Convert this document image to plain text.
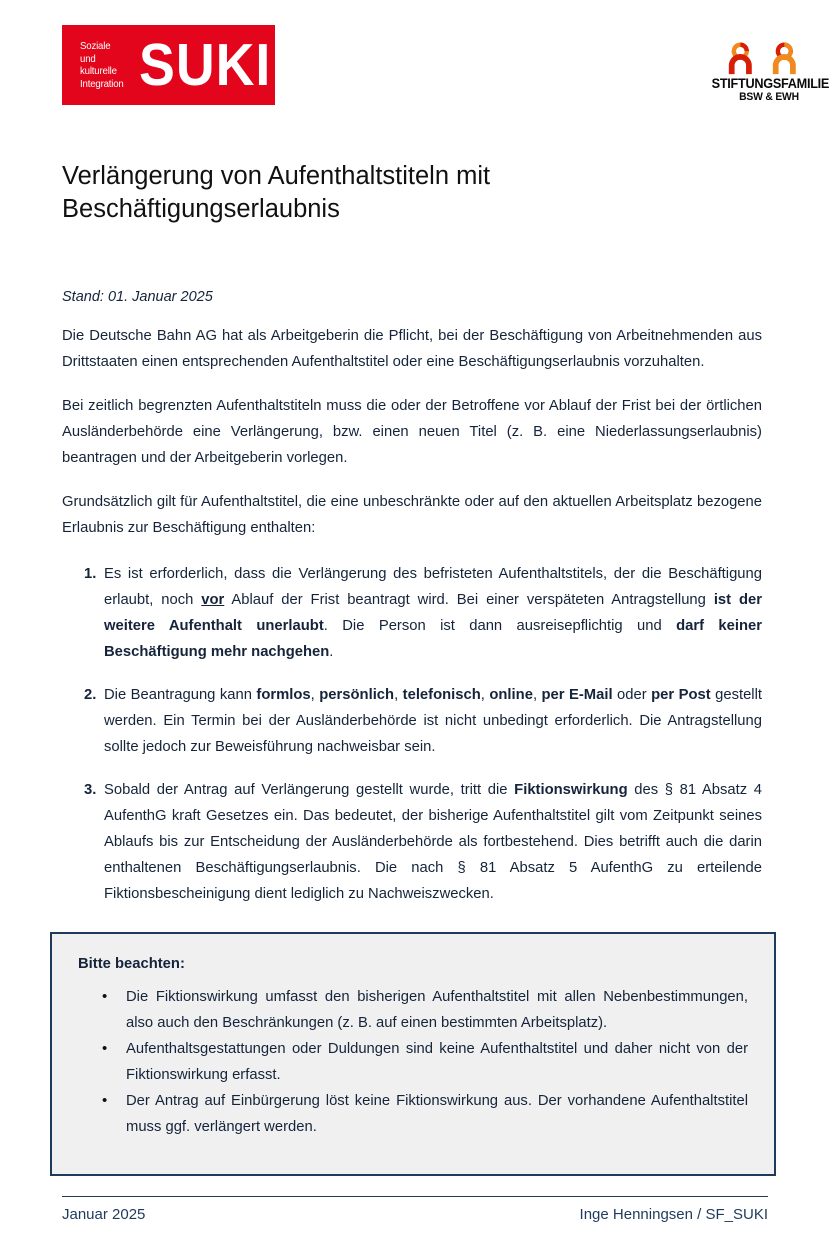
Soziale und
kulturelle
Integration SUKI	STIFTUNGSFAMILIE
BSW & EWH
Verlängerung von Aufenthaltstiteln mit Beschäftigungserlaubnis
Stand: 01. Januar 2025

Die Deutsche Bahn AG hat als Arbeitgeberin die Pflicht, bei der Beschäftigung von Arbeitnehmenden aus Drittstaaten einen entsprechenden Aufenthaltstitel oder eine Beschäftigungserlaubnis vorzuhalten.

Bei zeitlich begrenzten Aufenthaltstiteln muss die oder der Betroffene vor Ablauf der Frist bei der örtlichen Ausländerbehörde eine Verlängerung, bzw. einen neuen Titel (z. B. eine Niederlassungserlaubnis) beantragen und der Arbeitgeberin vorlegen.

Grundsätzlich gilt für Aufenthaltstitel, die eine unbeschränkte oder auf den aktuellen Arbeitsplatz bezogene Erlaubnis zur Beschäftigung enthalten:

Es ist erforderlich, dass die Verlängerung des befristeten Aufenthaltstitels, der die Beschäftigung erlaubt, noch vor Ablauf der Frist beantragt wird. Bei einer verspäteten Antragstellung ist der weitere Aufenthalt unerlaubt. Die Person ist dann ausreisepflichtig und darf keiner Beschäftigung mehr nachgehen.
Die Beantragung kann formlos, persönlich, telefonisch, online, per E-Mail oder per Post gestellt werden. Ein Termin bei der Ausländerbehörde ist nicht unbedingt erforderlich. Die Antragstellung sollte jedoch zur Beweisführung nachweisbar sein.
Sobald der Antrag auf Verlängerung gestellt wurde, tritt die Fiktionswirkung des § 81 Absatz 4 AufenthG kraft Gesetzes ein. Das bedeutet, der bisherige Aufenthaltstitel gilt vom Zeitpunkt seines Ablaufs bis zur Entscheidung der Ausländerbehörde als fortbestehend. Dies betrifft auch die darin enthaltenen Beschäftigungserlaubnis. Die nach § 81 Absatz 5 AufenthG zu erteilende Fiktionsbescheinigung dient lediglich zu Nachweiszwecken.
Bitte beachten:
• Die Fiktionswirkung umfasst den bisherigen Aufenthaltstitel mit allen Nebenbestimmungen, also auch den Beschränkungen (z. B. auf einen bestimmten Arbeitsplatz).
• Aufenthaltsgestattungen oder Duldungen sind keine Aufenthaltstitel und daher nicht von der Fiktionswirkung erfasst.
• Der Antrag auf Einbürgerung löst keine Fiktionswirkung aus. Der vorhandene Aufenthaltstitel muss ggf. verlängert werden.
Januar 2025	Inge Henningsen / SF_SUKI
